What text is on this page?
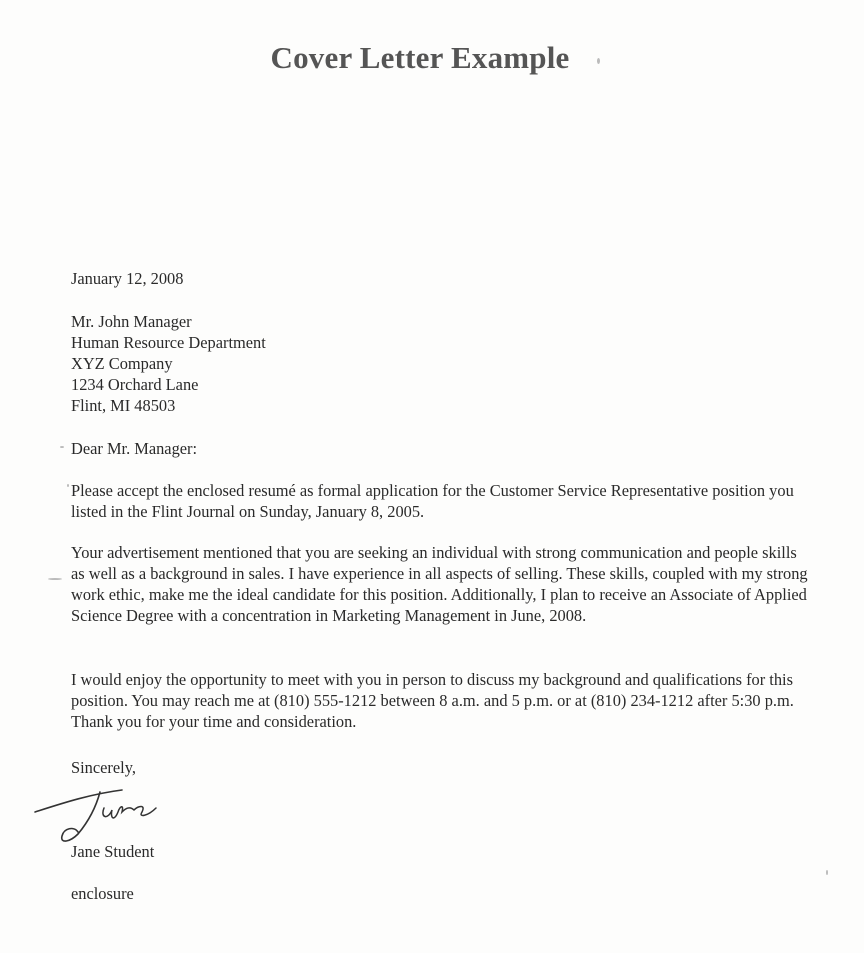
Cover Letter Example
January 12, 2008
Mr. John Manager
Human Resource Department
XYZ Company
1234 Orchard Lane
Flint, MI 48503
Dear Mr. Manager:
Please accept the enclosed resumé as formal application for the Customer Service Representative position you listed in the Flint Journal on Sunday, January 8, 2005.
Your advertisement mentioned that you are seeking an individual with strong communication and people skills as well as a background in sales. I have experience in all aspects of selling. These skills, coupled with my strong work ethic, make me the ideal candidate for this position. Additionally, I plan to receive an Associate of Applied Science Degree with a concentration in Marketing Management in June, 2008.
I would enjoy the opportunity to meet with you in person to discuss my background and qualifications for this position. You may reach me at (810) 555-1212 between 8 a.m. and 5 p.m. or at (810) 234-1212 after 5:30 p.m. Thank you for your time and consideration.
Sincerely,
Jane Student
enclosure
